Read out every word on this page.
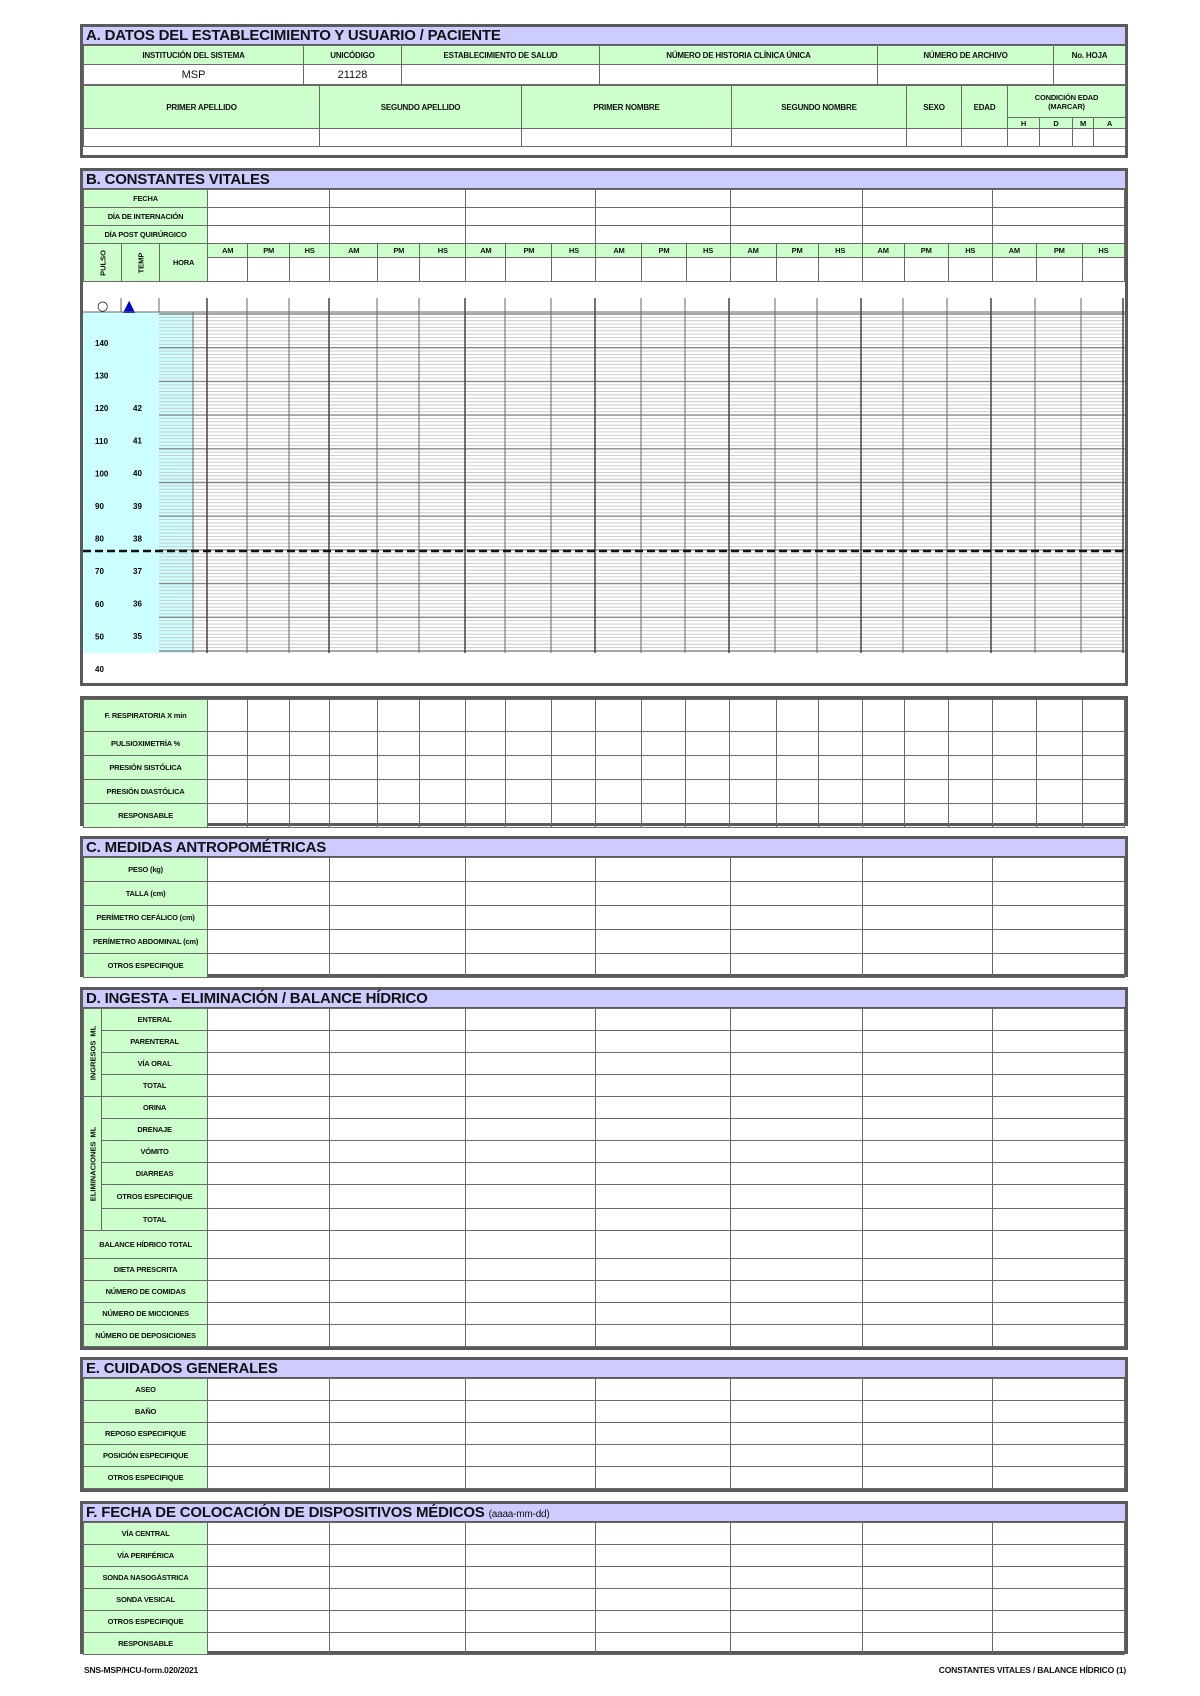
A. DATOS DEL ESTABLECIMIENTO Y USUARIO / PACIENTE
INSTITUCIÓN DEL SISTEMA	UNICÓDIGO	ESTABLECIMIENTO DE SALUD	NÚMERO DE HISTORIA CLÍNICA ÚNICA	NÚMERO DE ARCHIVO	No. HOJA
MSP	21128				
PRIMER APELLIDO	SEGUNDO APELLIDO	PRIMER NOMBRE	SEGUNDO NOMBRE	SEXO	EDAD	CONDICIÓN EDAD (MARCAR)			
						H	D	M	A

B. CONSTANTES VITALES
FECHA																							
DÍA DE INTERNACIÓN																							
DÍA POST QUIRÚRGICO																							

PULSO	TEMP	HORA	AM	PM	HS	AM	PM	HS	AM	PM	HS	AM	PM	HS	AM	PM	HS	AM	PM	HS	AM	PM	HS

○ ▲
140
130
120
110
100
90
80
70
60
50
40
42
41
40
39
38
37
36
35
F. RESPIRATORIA X min																					
PULSIOXIMETRÍA %																					
PRESIÓN SISTÓLICA																					
PRESIÓN DIASTÓLICA																					
RESPONSABLE																					
C. MEDIDAS ANTROPOMÉTRICAS
PESO (kg)							
TALLA (cm)							
PERÍMETRO CEFÁLICO (cm)							
PERÍMETRO ABDOMINAL (cm)							
OTROS ESPECIFIQUE							
D. INGESTA - ELIMINACIÓN / BALANCE HÍDRICO
INGRESOSML	ENTERAL							
	PARENTERAL							
	VÍA ORAL							
	TOTAL							

ELIMINACIONESML	ORINA							
	DRENAJE							
	VÓMITO							
	DIARREAS							
	OTROS ESPECIFIQUE							
	TOTAL							
BALANCE HÍDRICO TOTAL								
DIETA PRESCRITA								
NÚMERO DE COMIDAS								
NÚMERO DE MICCIONES								
NÚMERO DE DEPOSICIONES								
E. CUIDADOS GENERALES
ASEO							
BAÑO							
REPOSO ESPECIFIQUE							
POSICIÓN ESPECIFIQUE							
OTROS ESPECIFIQUE							
F. FECHA DE COLOCACIÓN DE DISPOSITIVOS MÉDICOS (aaaa-mm-dd)
VÍA CENTRAL							
VÍA PERIFÉRICA							
SONDA NASOGÁSTRICA							
SONDA VESICAL							
OTROS ESPECIFIQUE							
RESPONSABLE							
SNS-MSP/HCU-form.020/2021	CONSTANTES VITALES / BALANCE HÍDRICO (1)
